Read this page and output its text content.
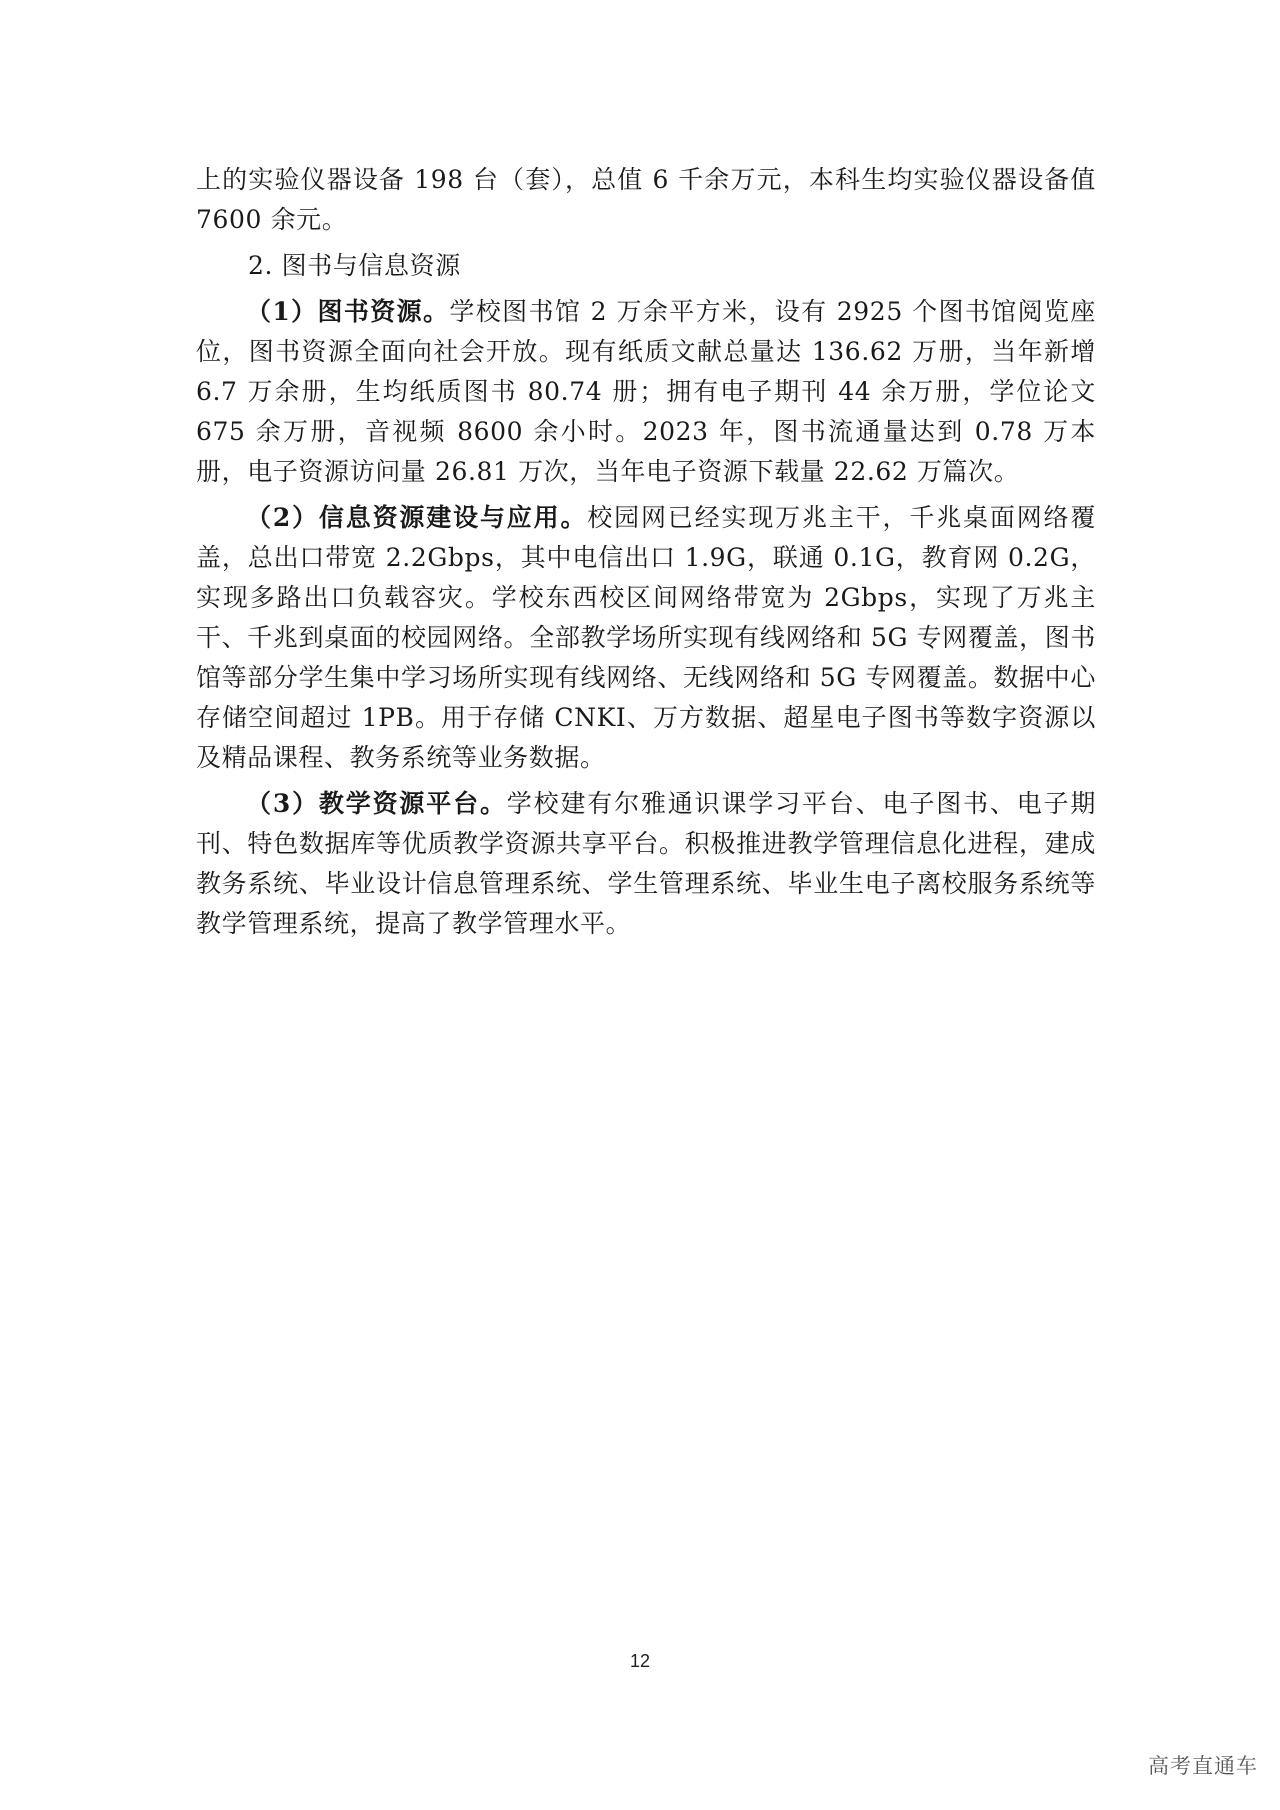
上的实验仪器设备 198 台（套），总值 6 千余万元，本科生均实验仪器设备值 7600 余元。

2. 图书与信息资源

（1）图书资源。学校图书馆 2 万余平方米，设有 2925 个图书馆阅览座位，图书资源全面向社会开放。现有纸质文献总量达 136.62 万册，当年新增 6.7 万余册，生均纸质图书 80.74 册；拥有电子期刊 44 余万册，学位论文 675 余万册，音视频 8600 余小时。2023 年，图书流通量达到 0.78 万本册，电子资源访问量 26.81 万次，当年电子资源下载量 22.62 万篇次。

（2）信息资源建设与应用。校园网已经实现万兆主干，千兆桌面网络覆盖，总出口带宽 2.2Gbps，其中电信出口 1.9G，联通 0.1G，教育网 0.2G，实现多路出口负载容灾。学校东西校区间网络带宽为 2Gbps，实现了万兆主干、千兆到桌面的校园网络。全部教学场所实现有线网络和 5G 专网覆盖，图书馆等部分学生集中学习场所实现有线网络、无线网络和 5G 专网覆盖。数据中心存储空间超过 1PB。用于存储 CNKI、万方数据、超星电子图书等数字资源以及精品课程、教务系统等业务数据。

（3）教学资源平台。学校建有尔雅通识课学习平台、电子图书、电子期刊、特色数据库等优质教学资源共享平台。积极推进教学管理信息化进程，建成教务系统、毕业设计信息管理系统、学生管理系统、毕业生电子离校服务系统等教学管理系统，提高了教学管理水平。

12
高考直通车
